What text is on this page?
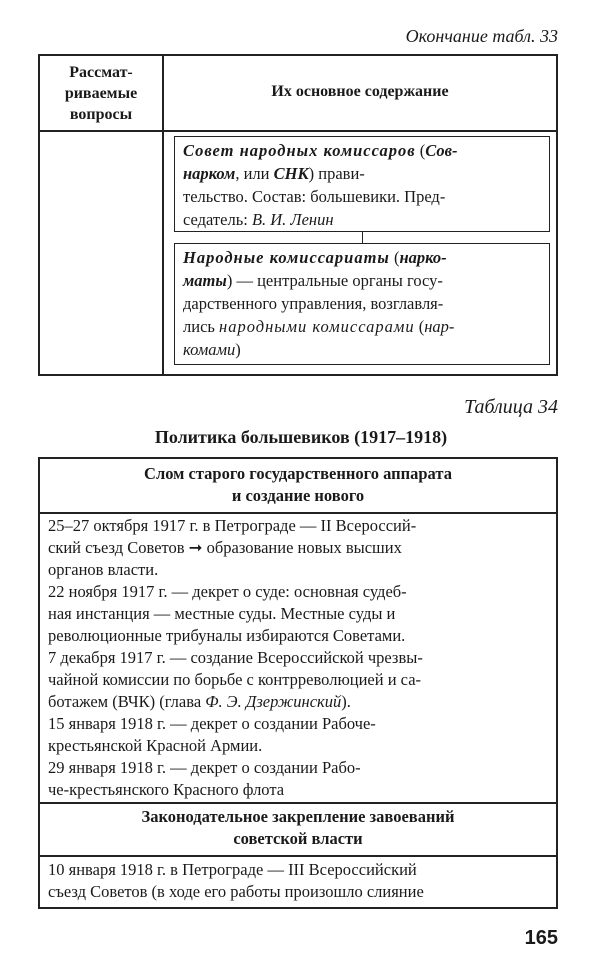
Окончание табл. 33
Рассмат-
риваемые
вопросы
Их основное содержание
Совет народных комиссаров (Сов-
нарком, или СНК) прави-
тельство. Состав: большевики. Пред-
седатель: В. И. Ленин
Народные комиссариаты (нарко-
маты) — центральные органы госу-
дарственного управления, возглавля-
лись народными комиссарами (нар-
комами)
Таблица 34
Политика большевиков (1917–1918)
Слом старого государственного аппарата
и создание нового

25–27 октября 1917 г. в Петрограде — II Всероссий-
ский съезд Советов ➞ образование новых высших
органов власти.

22 ноября 1917 г. — декрет о суде: основная судеб-
ная инстанция — местные суды. Местные суды и
революционные трибуналы избираются Советами.

7 декабря 1917 г. — создание Всероссийской чрезвы-
чайной комиссии по борьбе с контрреволюцией и са-
ботажем (ВЧК) (глава Ф. Э. Дзержинский).

15 января 1918 г. — декрет о создании Рабоче-
крестьянской Красной Армии.

29 января 1918 г. — декрет о создании Рабо-
че-крестьянского Красного флота

Законодательное закрепление завоеваний
советской власти

10 января 1918 г. в Петрограде — III Всероссийский
съезд Советов (в ходе его работы произошло слияние

165
